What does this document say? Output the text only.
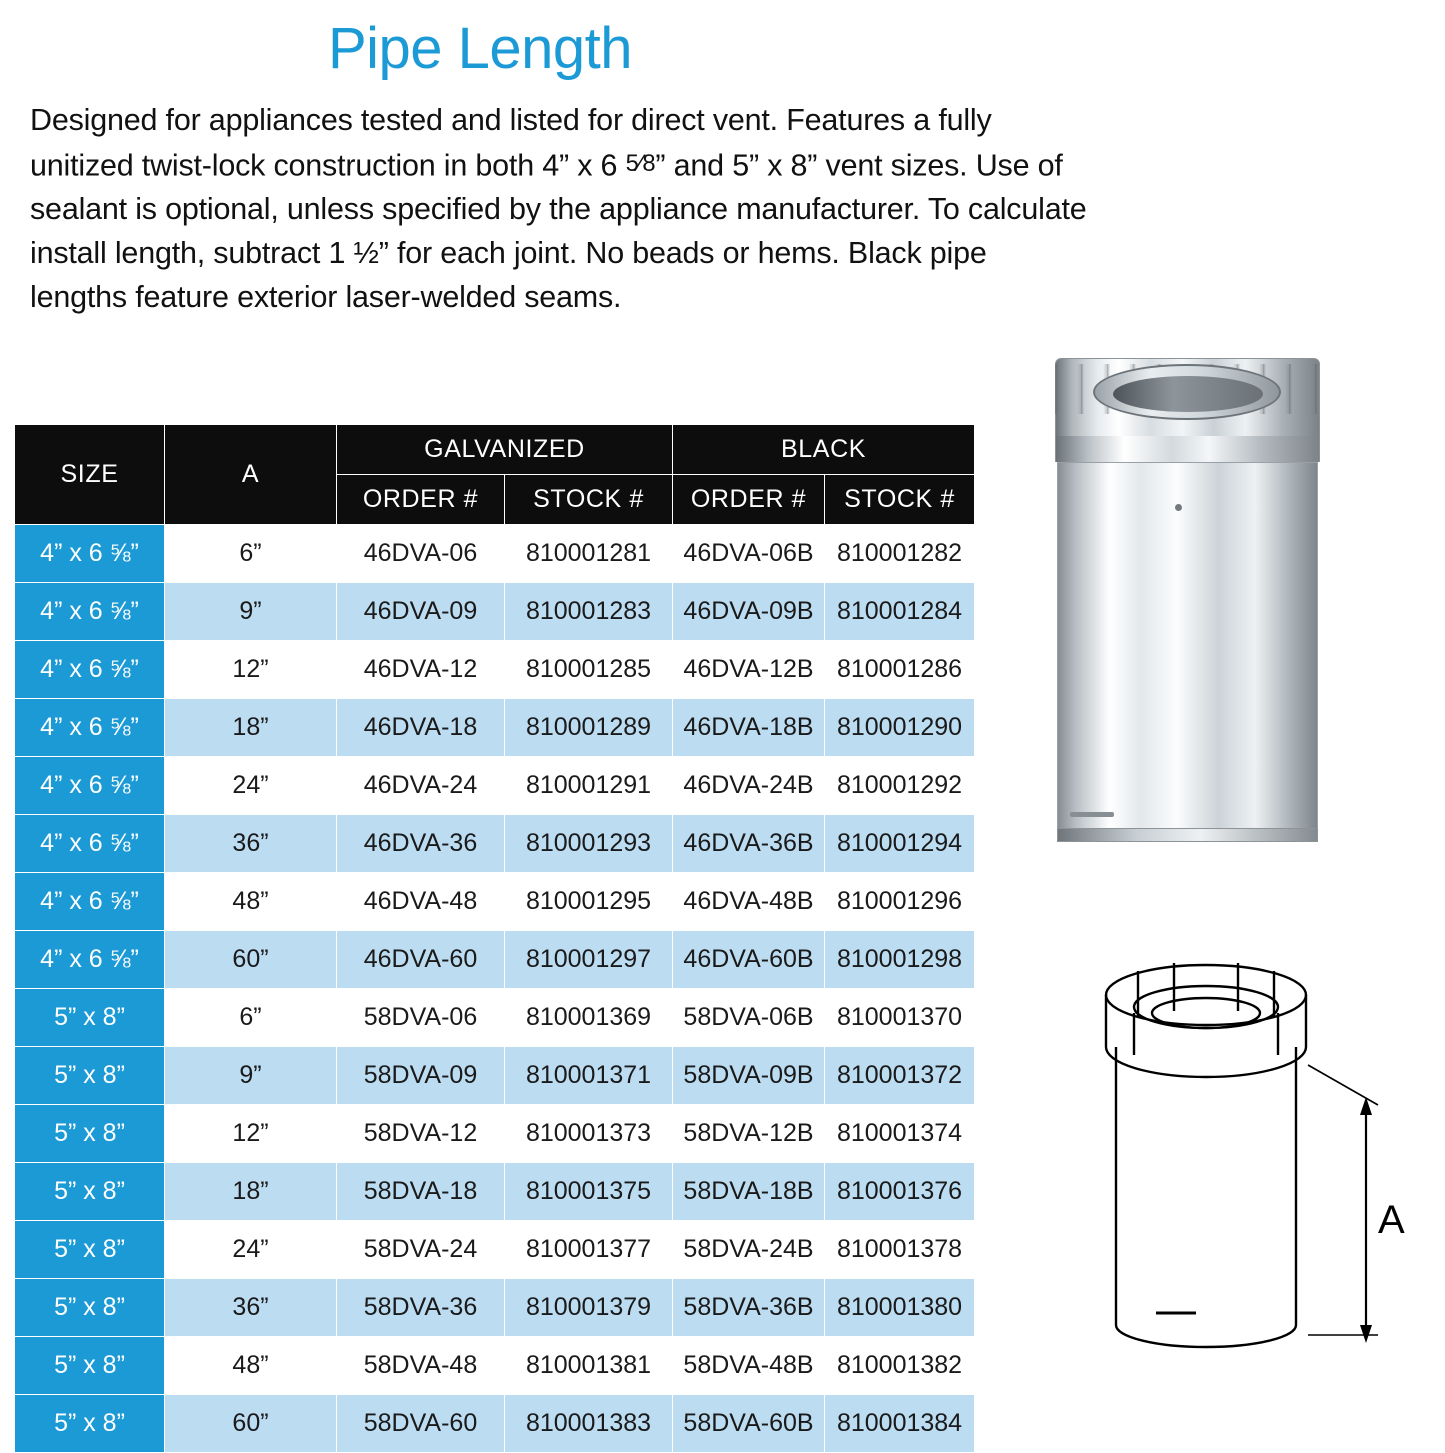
Pipe Length
Designed for appliances tested and listed for direct vent. Features a fully unitized twist-lock construction in both 4” x 6 5⁄8” and 5” x 8” vent sizes. Use of sealant is optional, unless specified by the appliance manufacturer. To calculate install length, subtract 1 ½” for each joint. No beads or hems. Black pipe lengths feature exterior laser-welded seams.
SIZE	A	GALVANIZED		BLACK	
		ORDER #	STOCK #	ORDER #	STOCK #
4” x 6 ⅝”	6”	46DVA-06	810001281	46DVA-06B	810001282
4” x 6 ⅝”	9”	46DVA-09	810001283	46DVA-09B	810001284
4” x 6 ⅝”	12”	46DVA-12	810001285	46DVA-12B	810001286
4” x 6 ⅝”	18”	46DVA-18	810001289	46DVA-18B	810001290
4” x 6 ⅝”	24”	46DVA-24	810001291	46DVA-24B	810001292
4” x 6 ⅝”	36”	46DVA-36	810001293	46DVA-36B	810001294
4” x 6 ⅝”	48”	46DVA-48	810001295	46DVA-48B	810001296
4” x 6 ⅝”	60”	46DVA-60	810001297	46DVA-60B	810001298
5” x 8”	6”	58DVA-06	810001369	58DVA-06B	810001370
5” x 8”	9”	58DVA-09	810001371	58DVA-09B	810001372
5” x 8”	12”	58DVA-12	810001373	58DVA-12B	810001374
5” x 8”	18”	58DVA-18	810001375	58DVA-18B	810001376
5” x 8”	24”	58DVA-24	810001377	58DVA-24B	810001378
5” x 8”	36”	58DVA-36	810001379	58DVA-36B	810001380
5” x 8”	48”	58DVA-48	810001381	58DVA-48B	810001382
5” x 8”	60”	58DVA-60	810001383	58DVA-60B	810001384
A
